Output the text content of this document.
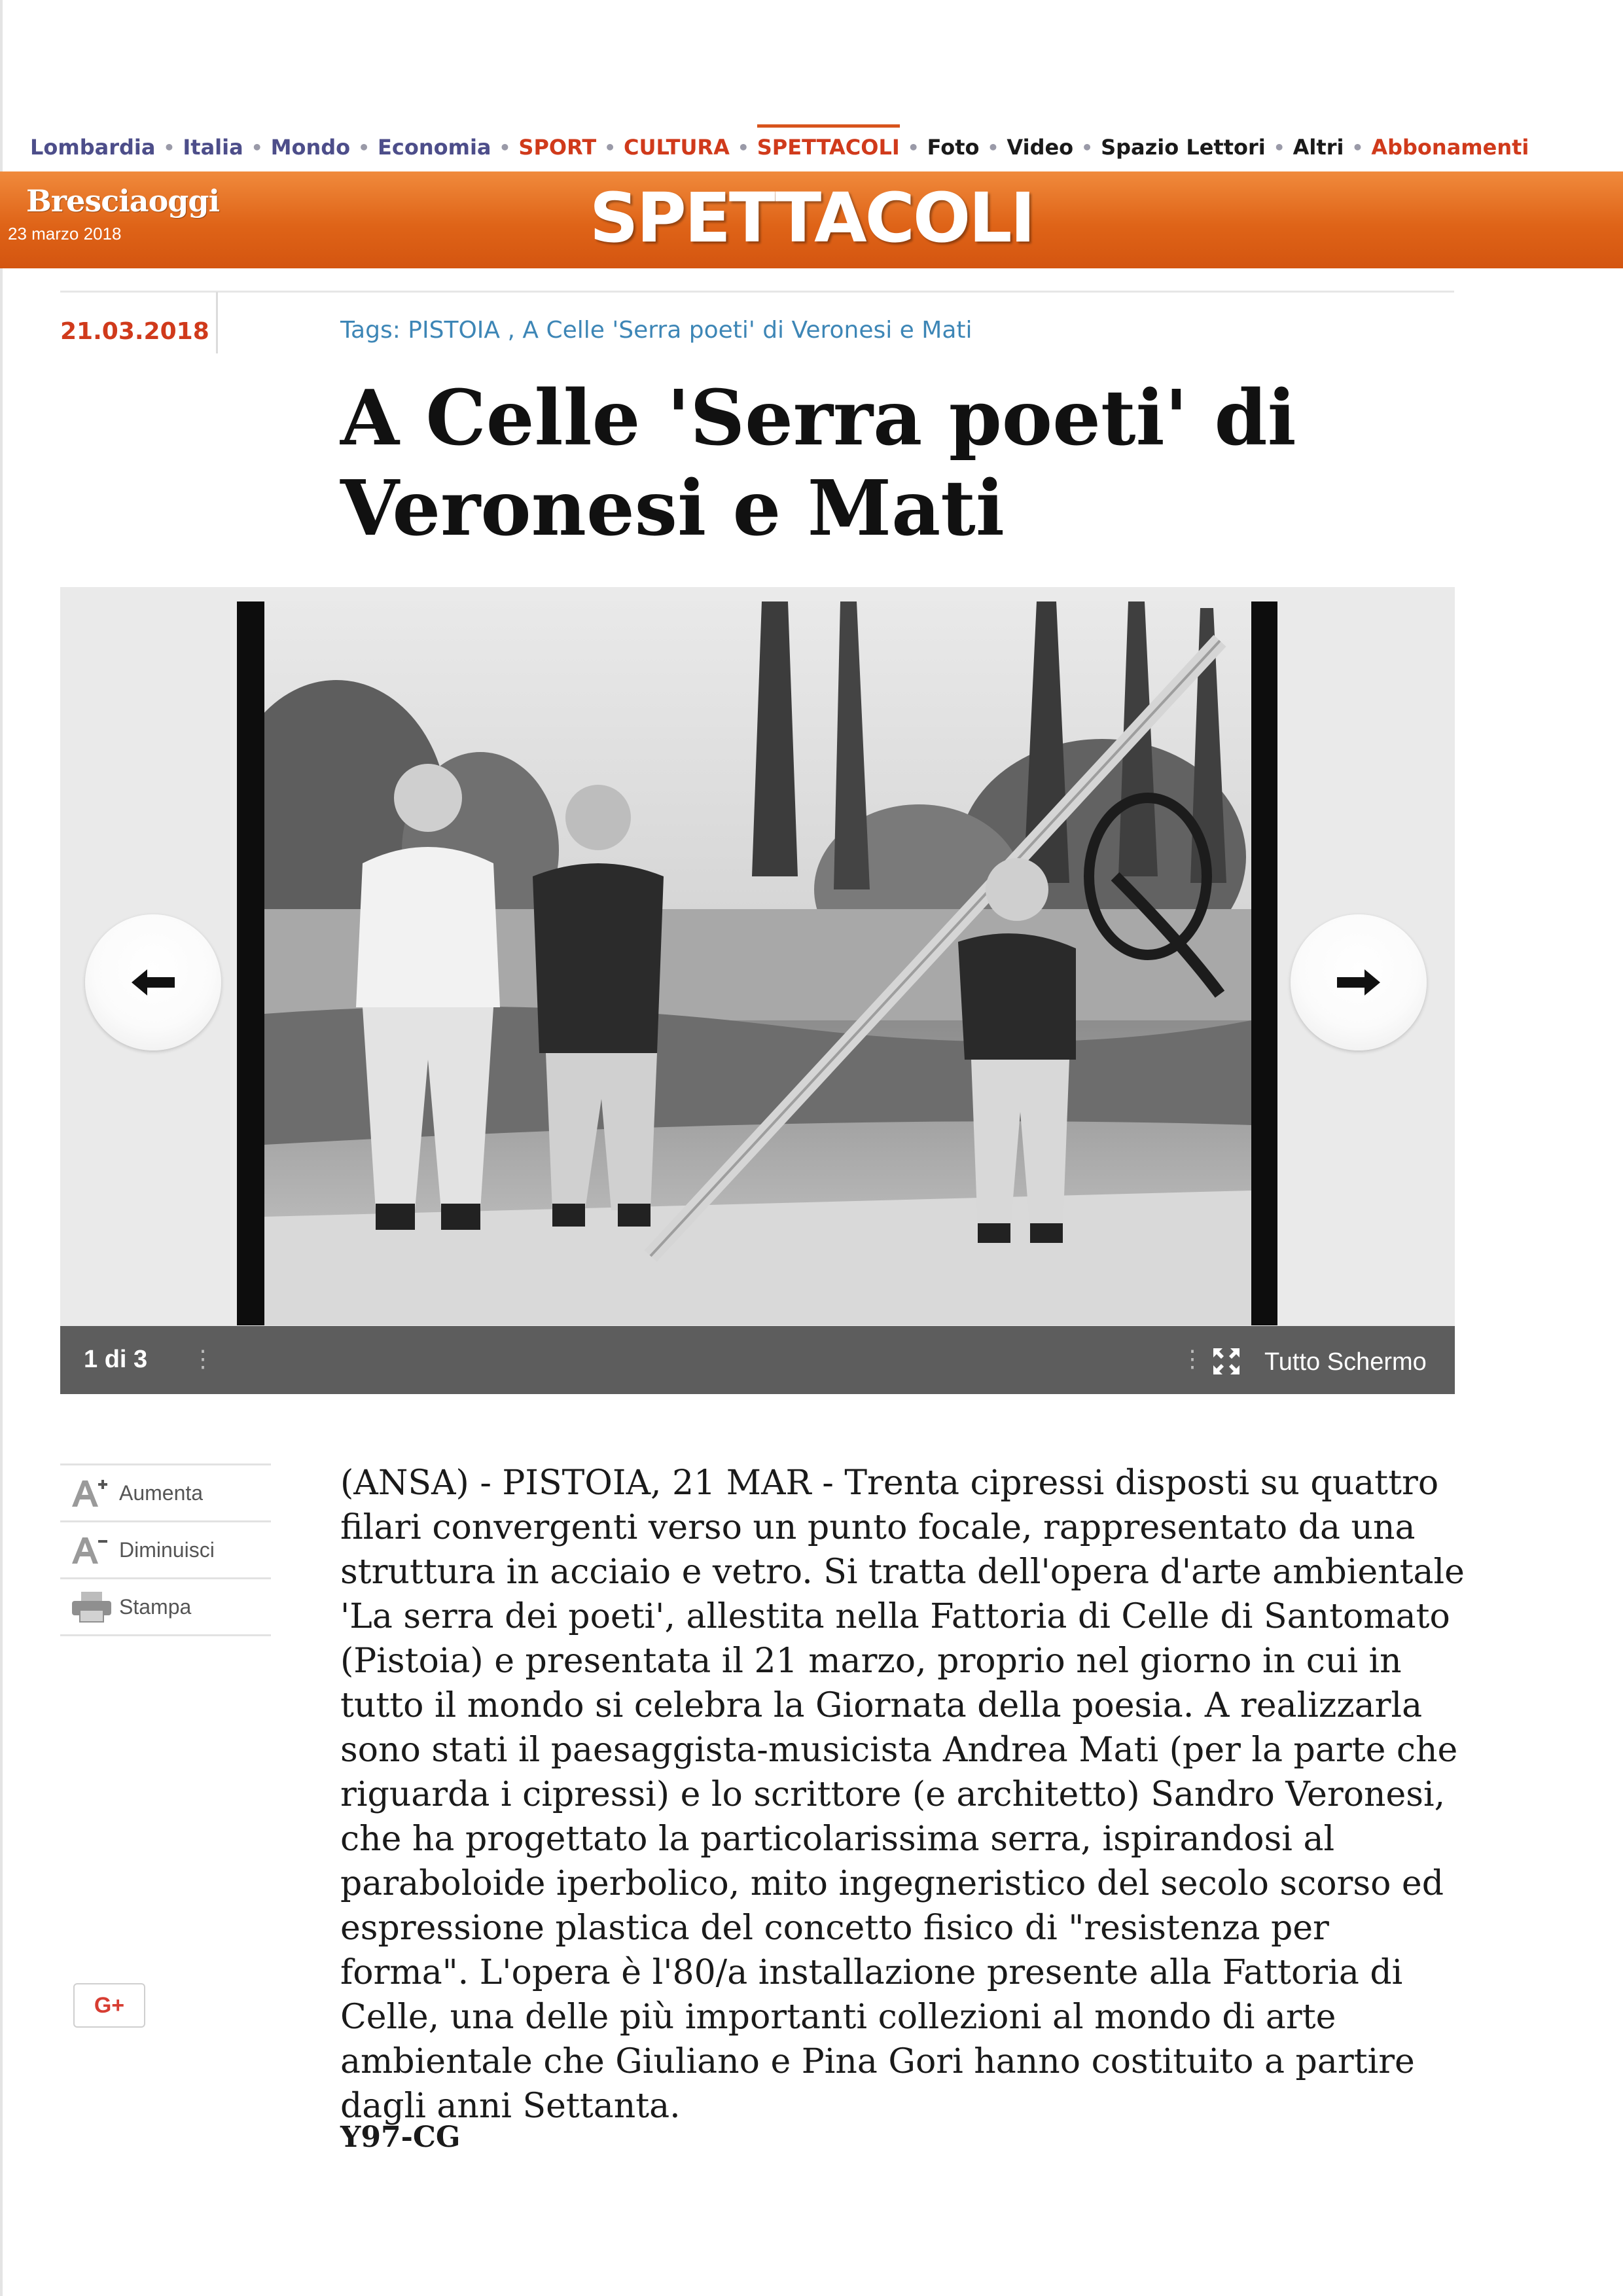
Lombardia • Italia • Mondo • Economia • SPORT • CULTURA • SPETTACOLI • Foto • Video • Spazio Lettori • Altri • Abbonamenti
Bresciaoggi
23 marzo 2018	SPETTACOLI
21.03.2018	Tags: PISTOIA , A Celle 'Serra poeti' di Veronesi e Mati
A Celle 'Serra poeti' di Veronesi e Mati
1 di 3 ⋮	⋮ Tutto Schermo
Aumenta
Diminuisci
Stampa
G+

(ANSA) - PISTOIA, 21 MAR - Trenta cipressi disposti su quattro filari convergenti verso un punto focale, rappresentato da una struttura in acciaio e vetro. Si tratta dell'opera d'arte ambientale 'La serra dei poeti', allestita nella Fattoria di Celle di Santomato (Pistoia) e presentata il 21 marzo, proprio nel giorno in cui in tutto il mondo si celebra la Giornata della poesia. A realizzarla sono stati il paesaggista-musicista Andrea Mati (per la parte che riguarda i cipressi) e lo scrittore (e architetto) Sandro Veronesi, che ha progettato la particolarissima serra, ispirandosi al paraboloide iperbolico, mito ingegneristico del secolo scorso ed espressione plastica del concetto fisico di "resistenza per forma". L'opera è l'80/a installazione presente alla Fattoria di Celle, una delle più importanti collezioni al mondo di arte ambientale che Giuliano e Pina Gori hanno costituito a partire dagli anni Settanta.

Y97-CG
